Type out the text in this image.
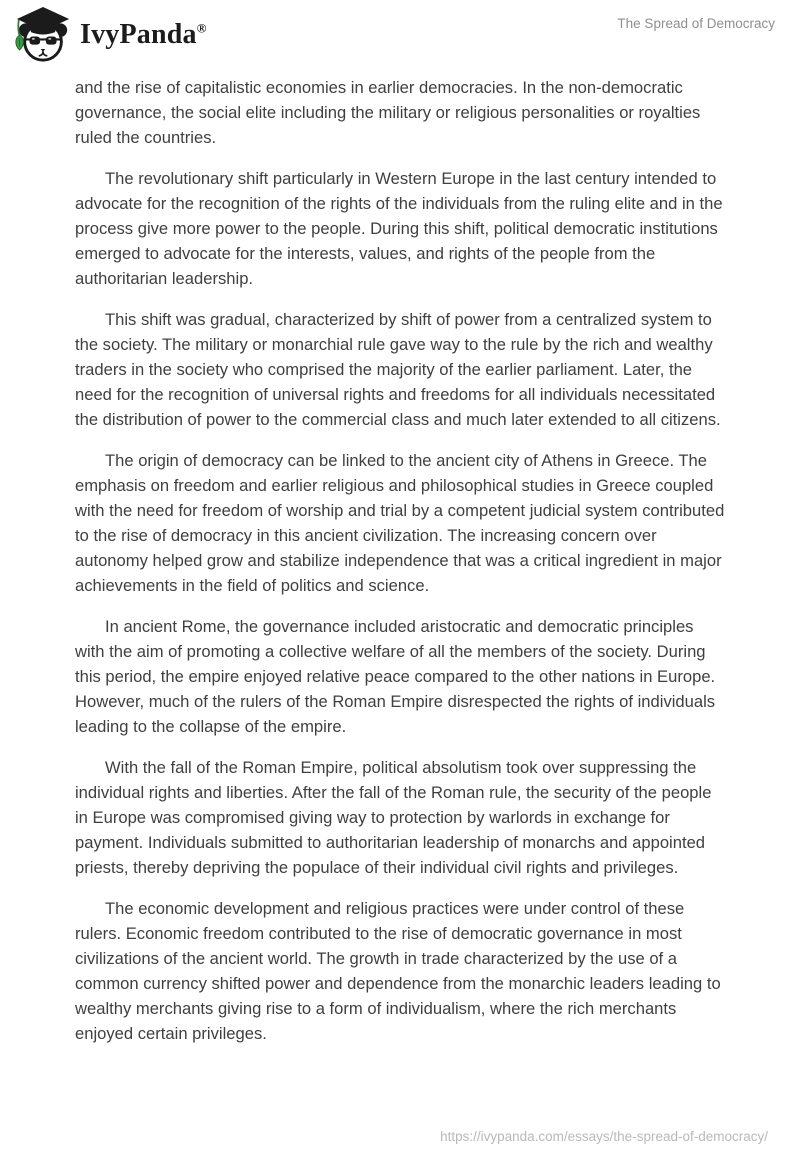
IvyPanda®	The Spread of Democracy

and the rise of capitalistic economies in earlier democracies. In the non-democratic governance, the social elite including the military or religious personalities or royalties ruled the countries.

The revolutionary shift particularly in Western Europe in the last century intended to advocate for the recognition of the rights of the individuals from the ruling elite and in the process give more power to the people. During this shift, political democratic institutions emerged to advocate for the interests, values, and rights of the people from the authoritarian leadership.

This shift was gradual, characterized by shift of power from a centralized system to the society. The military or monarchial rule gave way to the rule by the rich and wealthy traders in the society who comprised the majority of the earlier parliament. Later, the need for the recognition of universal rights and freedoms for all individuals necessitated the distribution of power to the commercial class and much later extended to all citizens.

The origin of democracy can be linked to the ancient city of Athens in Greece. The emphasis on freedom and earlier religious and philosophical studies in Greece coupled with the need for freedom of worship and trial by a competent judicial system contributed to the rise of democracy in this ancient civilization. The increasing concern over autonomy helped grow and stabilize independence that was a critical ingredient in major achievements in the field of politics and science.

In ancient Rome, the governance included aristocratic and democratic principles with the aim of promoting a collective welfare of all the members of the society. During this period, the empire enjoyed relative peace compared to the other nations in Europe. However, much of the rulers of the Roman Empire disrespected the rights of individuals leading to the collapse of the empire.

With the fall of the Roman Empire, political absolutism took over suppressing the individual rights and liberties. After the fall of the Roman rule, the security of the people in Europe was compromised giving way to protection by warlords in exchange for payment. Individuals submitted to authoritarian leadership of monarchs and appointed priests, thereby depriving the populace of their individual civil rights and privileges.

The economic development and religious practices were under control of these rulers. Economic freedom contributed to the rise of democratic governance in most civilizations of the ancient world. The growth in trade characterized by the use of a common currency shifted power and dependence from the monarchic leaders leading to wealthy merchants giving rise to a form of individualism, where the rich merchants enjoyed certain privileges.

https://ivypanda.com/essays/the-spread-of-democracy/
